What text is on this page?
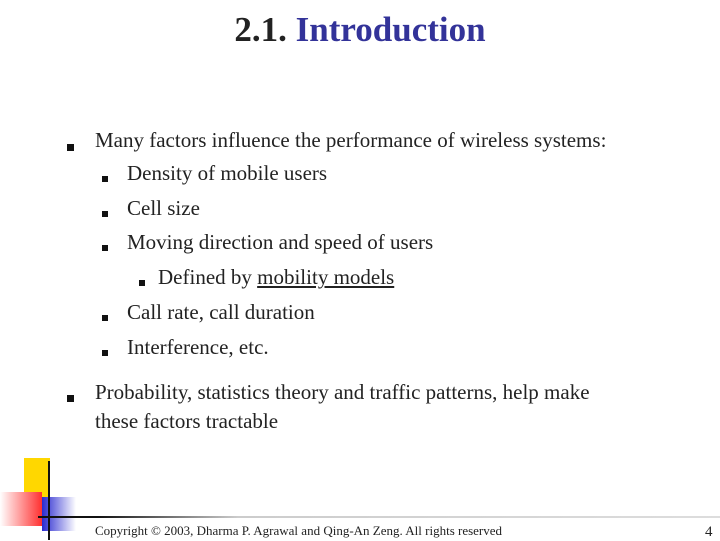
2.1. Introduction
Many factors influence the performance of wireless systems:
Density of mobile users
Cell size
Moving direction and speed of users
Defined by mobility models
Call rate, call duration
Interference, etc.
Probability, statistics theory and traffic patterns, help make
these factors tractable
Copyright © 2003, Dharma P. Agrawal and Qing-An Zeng. All rights reserved	4
